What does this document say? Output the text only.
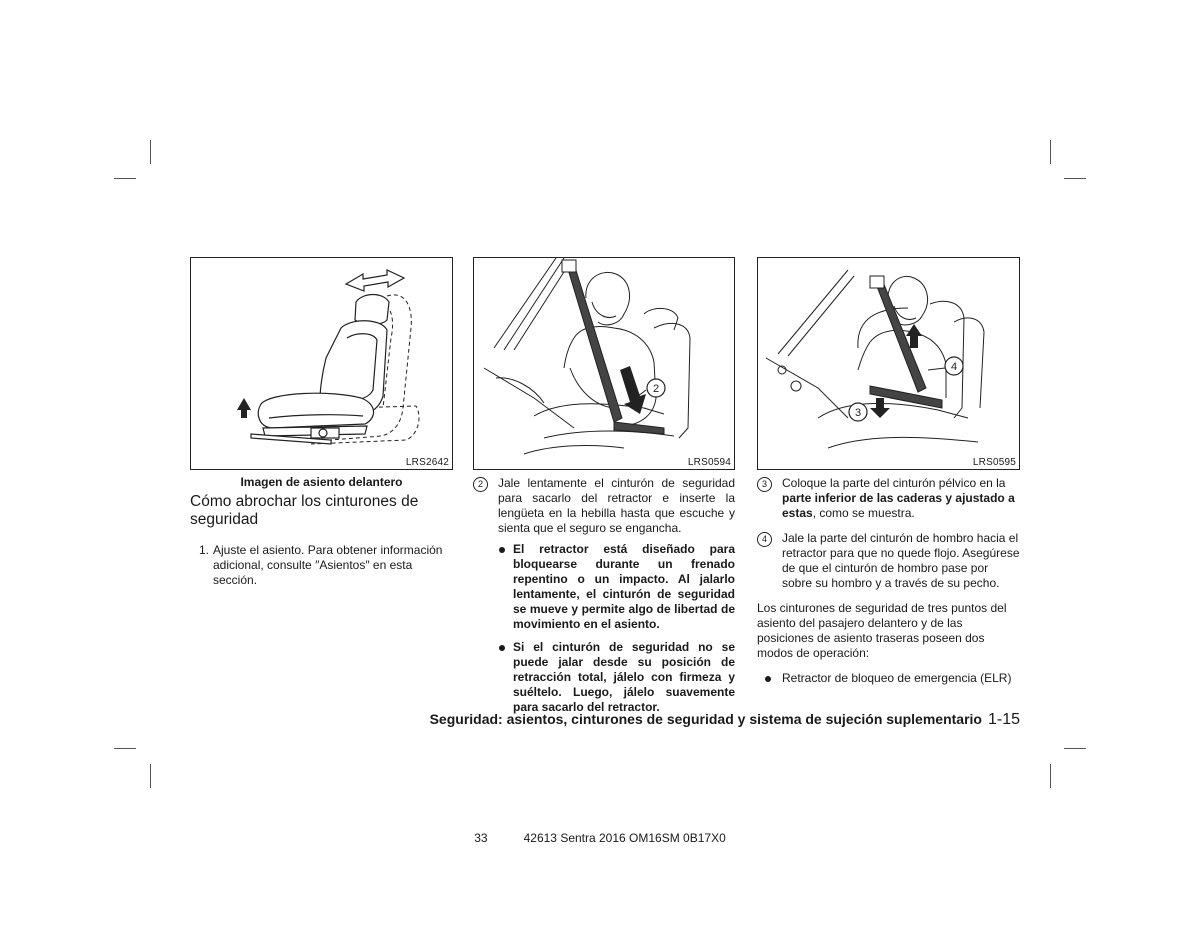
LRS2642
Imagen de asiento delantero
Cómo abrochar los cinturones de seguridad
1. Ajuste el asiento. Para obtener información adicional, consulte ″Asientos″ en esta sección.
2
LRS0594
2	Jale lentamente el cinturón de seguridad para sacarlo del retractor e inserte la lengüeta en la hebilla hasta que escuche y sienta que el seguro se engancha.
El retractor está diseñado para bloquearse durante un frenado repentino o un impacto. Al jalarlo lentamente, el cinturón de seguridad se mueve y permite algo de libertad de movimiento en el asiento.
Si el cinturón de seguridad no se puede jalar desde su posición de retracción total, jálelo con firmeza y suéltelo. Luego, jálelo suavemente para sacarlo del retractor.
4
3
LRS0595
3	Coloque la parte del cinturón pélvico en la parte inferior de las caderas y ajustado a estas, como se muestra.
4	Jale la parte del cinturón de hombro hacia el retractor para que no quede flojo. Asegúrese de que el cinturón de hombro pase por sobre su hombro y a través de su pecho.
Los cinturones de seguridad de tres puntos del asiento del pasajero delantero y de las posiciones de asiento traseras poseen dos modos de operación:
Retractor de bloqueo de emergencia (ELR)
Seguridad: asientos, cinturones de seguridad y sistema de sujeción suplementario 1-15
33	42613 Sentra 2016 OM16SM 0B17X0
